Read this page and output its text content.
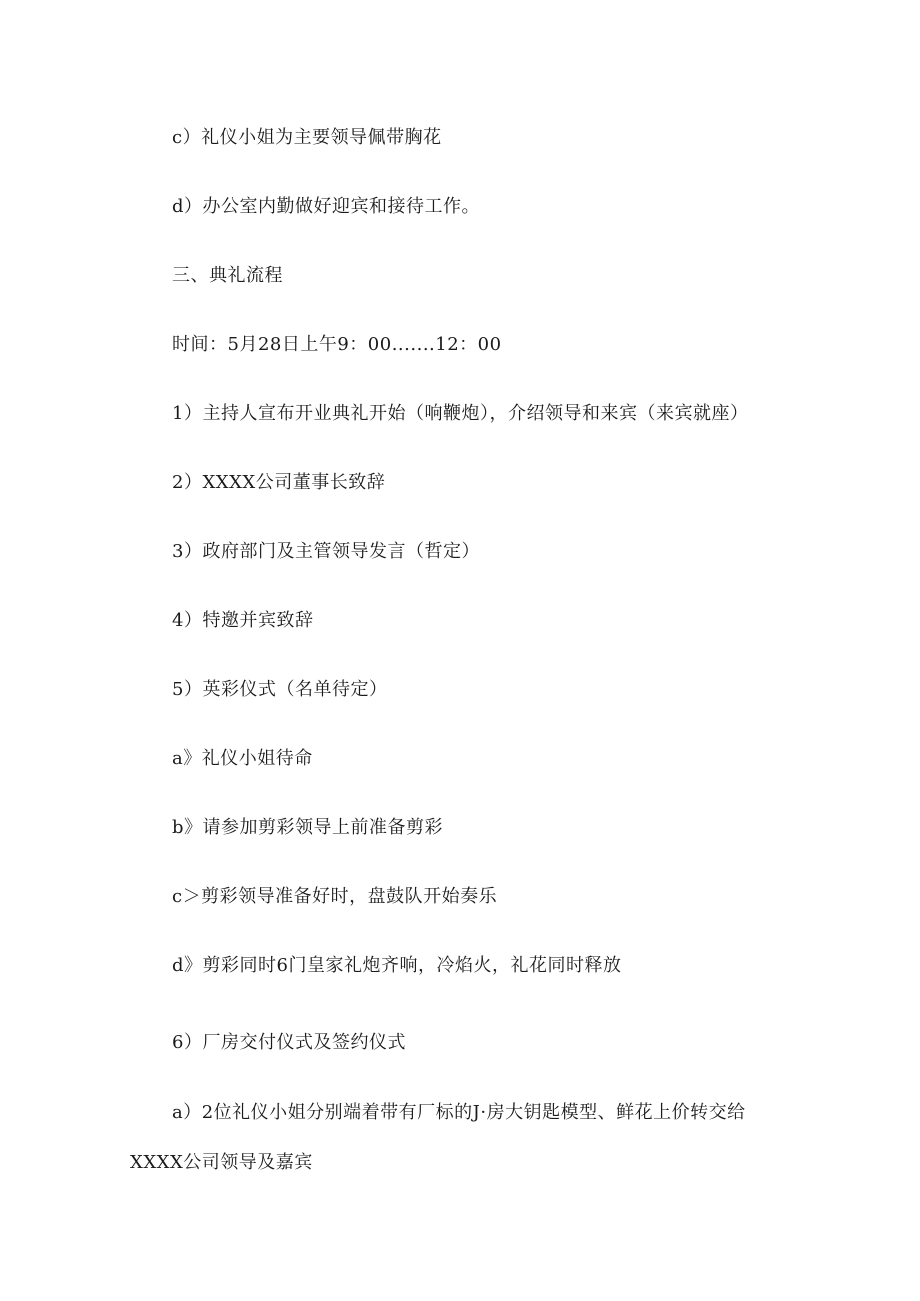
c）礼仪小姐为主要领导佩带胸花
d）办公室内勤做好迎宾和接待工作。
三、典礼流程
时间：5月28日上午9：00.......12：00
1）主持人宣布开业典礼开始（响鞭炮），介绍领导和来宾（来宾就座）
2）XXXX公司董事长致辞
3）政府部门及主管领导发言（哲定）
4）特邀并宾致辞
5）英彩仪式（名单待定）
a》礼仪小姐待命
b》请参加剪彩领导上前准备剪彩
c＞剪彩领导准备好时，盘鼓队开始奏乐
d》剪彩同时6门皇家礼炮齐响，冷焰火，礼花同时释放
6）厂房交付仪式及签约仪式
a）2位礼仪小姐分别端着带有厂标的J·房大钥匙模型、鲜花上价转交给
XXXX公司领导及嘉宾
